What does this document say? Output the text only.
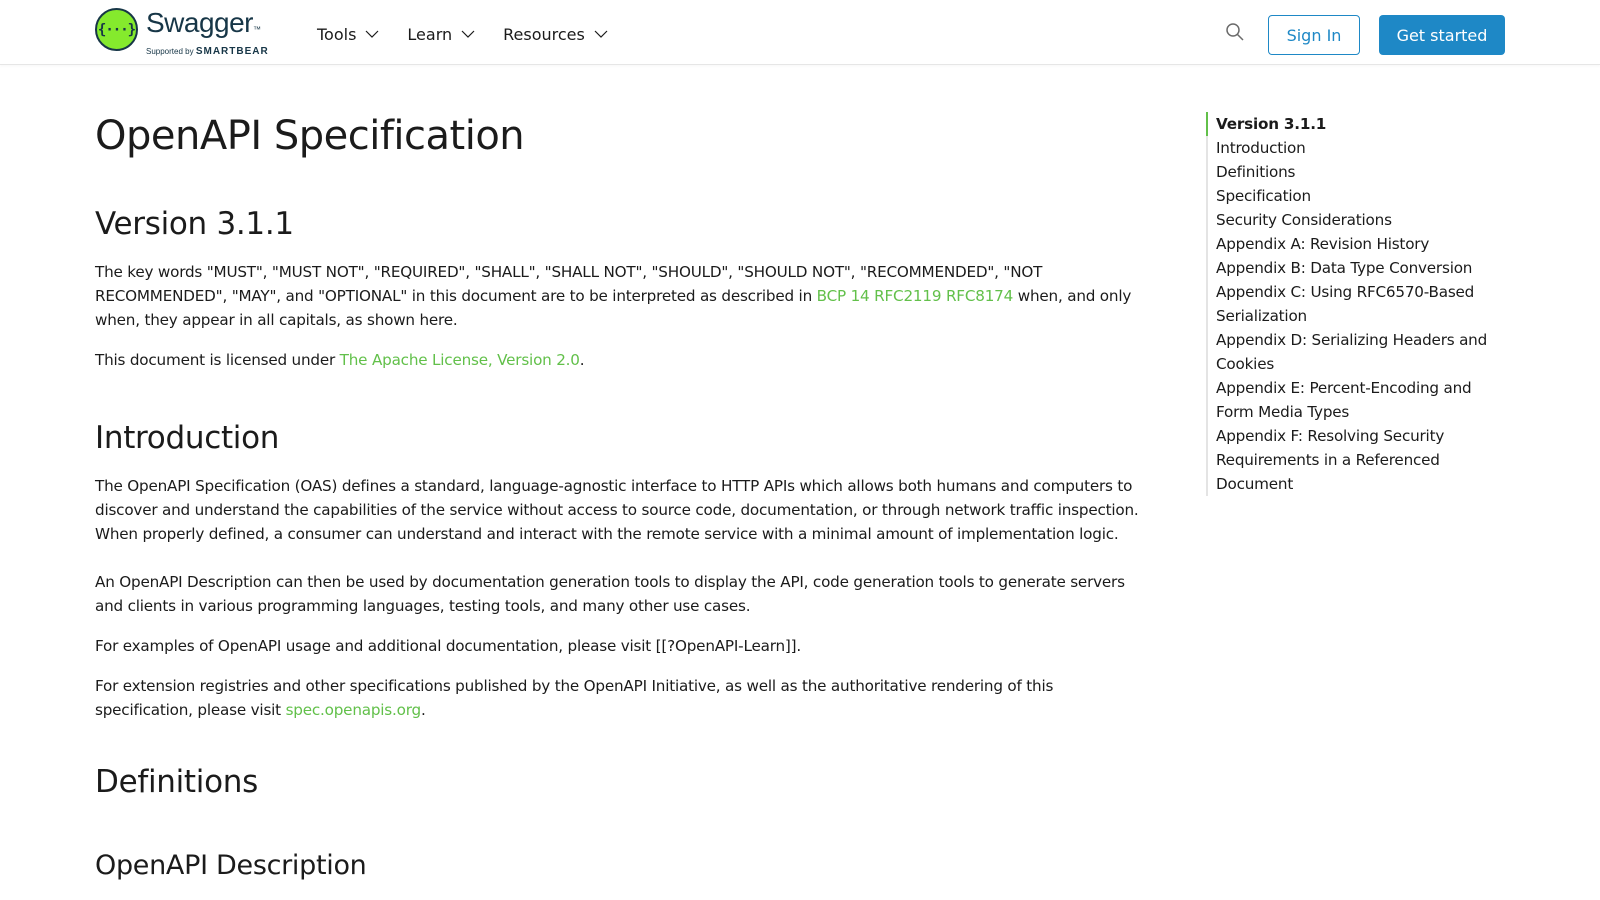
{···} Swagger™
Supported by SMARTBEAR
Tools	Learn	Resources	Sign In	Get started
OpenAPI Specification
Version 3.1.1

The key words "MUST", "MUST NOT", "REQUIRED", "SHALL", "SHALL NOT", "SHOULD", "SHOULD NOT", "RECOMMENDED", "NOT RECOMMENDED", "MAY", and "OPTIONAL" in this document are to be interpreted as described in BCP 14 RFC2119 RFC8174 when, and only when, they appear in all capitals, as shown here.

This document is licensed under The Apache License, Version 2.0.

Introduction

The OpenAPI Specification (OAS) defines a standard, language-agnostic interface to HTTP APIs which allows both humans and computers to discover and understand the capabilities of the service without access to source code, documentation, or through network traffic inspection. When properly defined, a consumer can understand and interact with the remote service with a minimal amount of implementation logic.

An OpenAPI Description can then be used by documentation generation tools to display the API, code generation tools to generate servers and clients in various programming languages, testing tools, and many other use cases.

For examples of OpenAPI usage and additional documentation, please visit [[?OpenAPI-Learn]].

For extension registries and other specifications published by the OpenAPI Initiative, as well as the authoritative rendering of this specification, please visit spec.openapis.org.

Definitions
OpenAPI Description
Version 3.1.1
Introduction
Definitions
Specification
Security Considerations
Appendix A: Revision History
Appendix B: Data Type Conversion
Appendix C: Using RFC6570-Based Serialization
Appendix D: Serializing Headers and Cookies
Appendix E: Percent-Encoding and Form Media Types
Appendix F: Resolving Security Requirements in a Referenced Document
